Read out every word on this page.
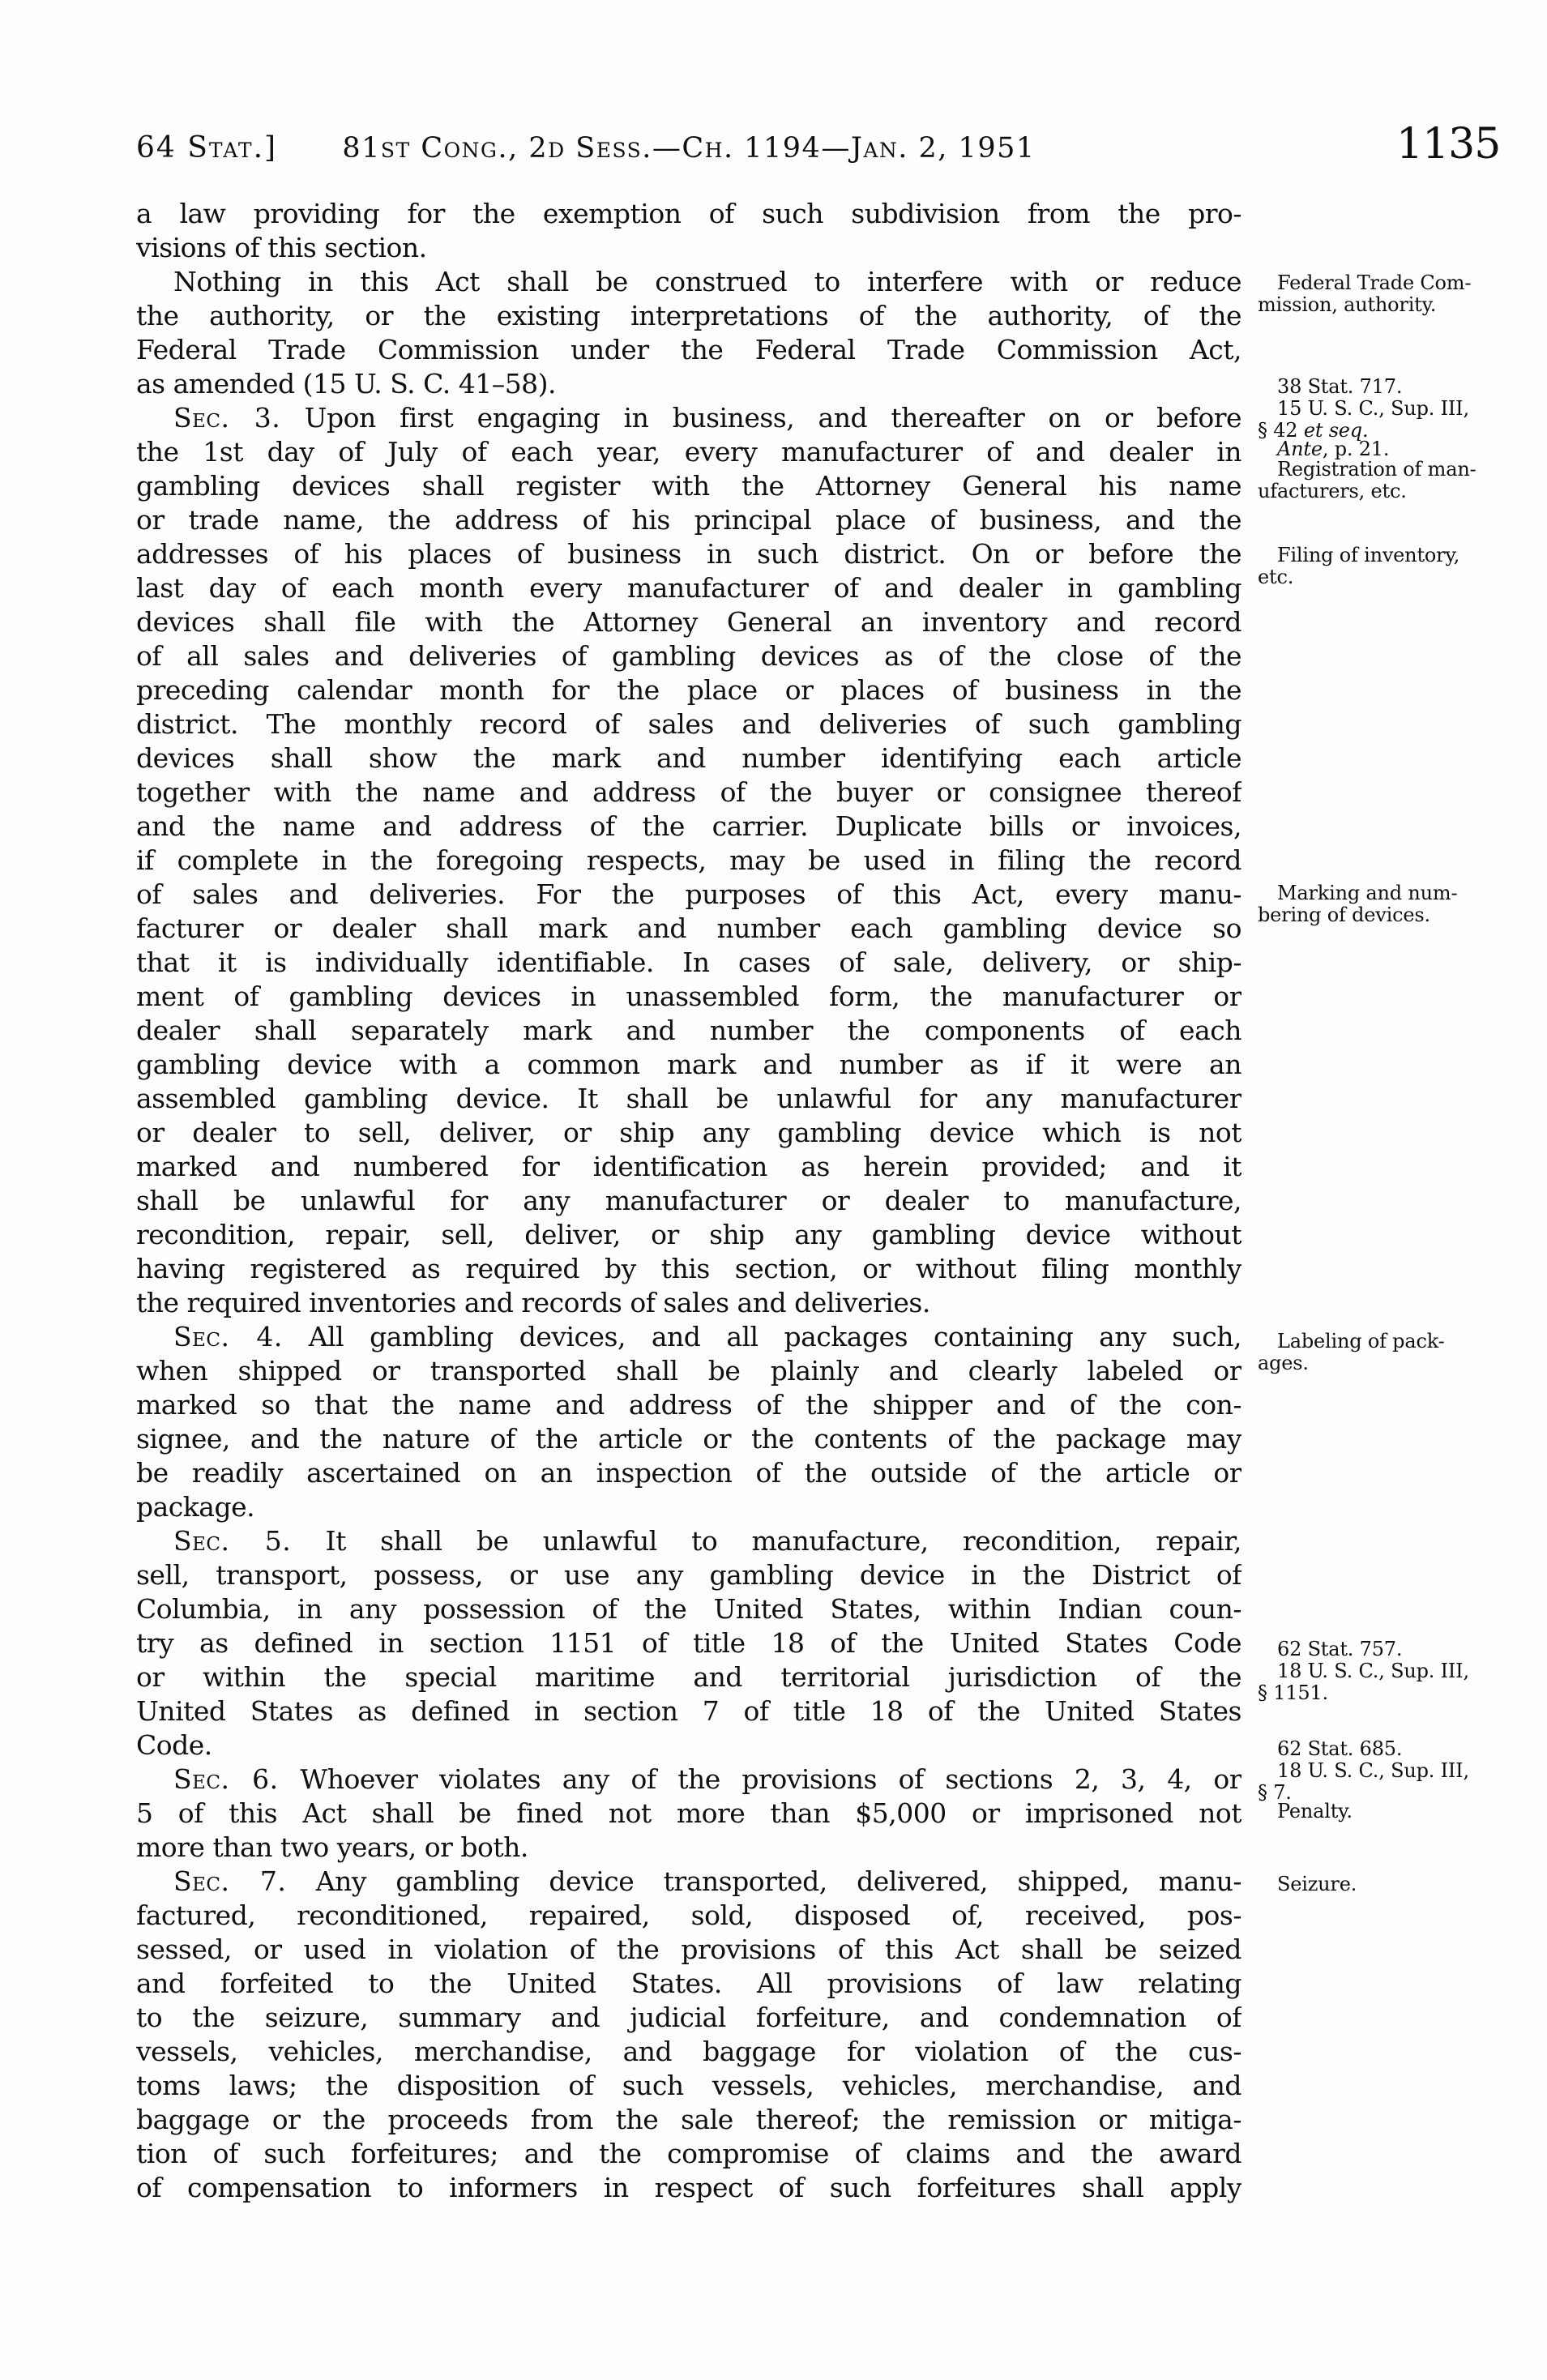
64 Stat.]	81st Cong., 2d Sess.—Ch. 1194—Jan. 2, 1951	1135
a law providing for the exemption of such subdivision from the pro-
visions of this section.
Nothing in this Act shall be construed to interfere with or reduce
the authority, or the existing interpretations of the authority, of the
Federal Trade Commission under the Federal Trade Commission Act,
as amended (15 U. S. C. 41–58).
Sec. 3. Upon first engaging in business, and thereafter on or before
the 1st day of July of each year, every manufacturer of and dealer in
gambling devices shall register with the Attorney General his name
or trade name, the address of his principal place of business, and the
addresses of his places of business in such district. On or before the
last day of each month every manufacturer of and dealer in gambling
devices shall file with the Attorney General an inventory and record
of all sales and deliveries of gambling devices as of the close of the
preceding calendar month for the place or places of business in the
district. The monthly record of sales and deliveries of such gambling
devices shall show the mark and number identifying each article
together with the name and address of the buyer or consignee thereof
and the name and address of the carrier. Duplicate bills or invoices,
if complete in the foregoing respects, may be used in filing the record
of sales and deliveries. For the purposes of this Act, every manu-
facturer or dealer shall mark and number each gambling device so
that it is individually identifiable. In cases of sale, delivery, or ship-
ment of gambling devices in unassembled form, the manufacturer or
dealer shall separately mark and number the components of each
gambling device with a common mark and number as if it were an
assembled gambling device. It shall be unlawful for any manufacturer
or dealer to sell, deliver, or ship any gambling device which is not
marked and numbered for identification as herein provided; and it
shall be unlawful for any manufacturer or dealer to manufacture,
recondition, repair, sell, deliver, or ship any gambling device without
having registered as required by this section, or without filing monthly
the required inventories and records of sales and deliveries.
Sec. 4. All gambling devices, and all packages containing any such,
when shipped or transported shall be plainly and clearly labeled or
marked so that the name and address of the shipper and of the con-
signee, and the nature of the article or the contents of the package may
be readily ascertained on an inspection of the outside of the article or
package.
Sec. 5. It shall be unlawful to manufacture, recondition, repair,
sell, transport, possess, or use any gambling device in the District of
Columbia, in any possession of the United States, within Indian coun-
try as defined in section 1151 of title 18 of the United States Code
or within the special maritime and territorial jurisdiction of the
United States as defined in section 7 of title 18 of the United States
Code.
Sec. 6. Whoever violates any of the provisions of sections 2, 3, 4, or
5 of this Act shall be fined not more than $5,000 or imprisoned not
more than two years, or both.
Sec. 7. Any gambling device transported, delivered, shipped, manu-
factured, reconditioned, repaired, sold, disposed of, received, pos-
sessed, or used in violation of the provisions of this Act shall be seized
and forfeited to the United States. All provisions of law relating
to the seizure, summary and judicial forfeiture, and condemnation of
vessels, vehicles, merchandise, and baggage for violation of the cus-
toms laws; the disposition of such vessels, vehicles, merchandise, and
baggage or the proceeds from the sale thereof; the remission or mitiga-
tion of such forfeitures; and the compromise of claims and the award
of compensation to informers in respect of such forfeitures shall apply
Federal Trade Com-
mission, authority.
38 Stat. 717.
15 U. S. C., Sup. III,
§ 42 et seq.
Ante, p. 21.
Registration of man-
ufacturers, etc.
Filing of inventory,
etc.
Marking and num-
bering of devices.
Labeling of pack-
ages.
62 Stat. 757.
18 U. S. C., Sup. III,
§ 1151.
62 Stat. 685.
18 U. S. C., Sup. III,
§ 7.
Penalty.
Seizure.
